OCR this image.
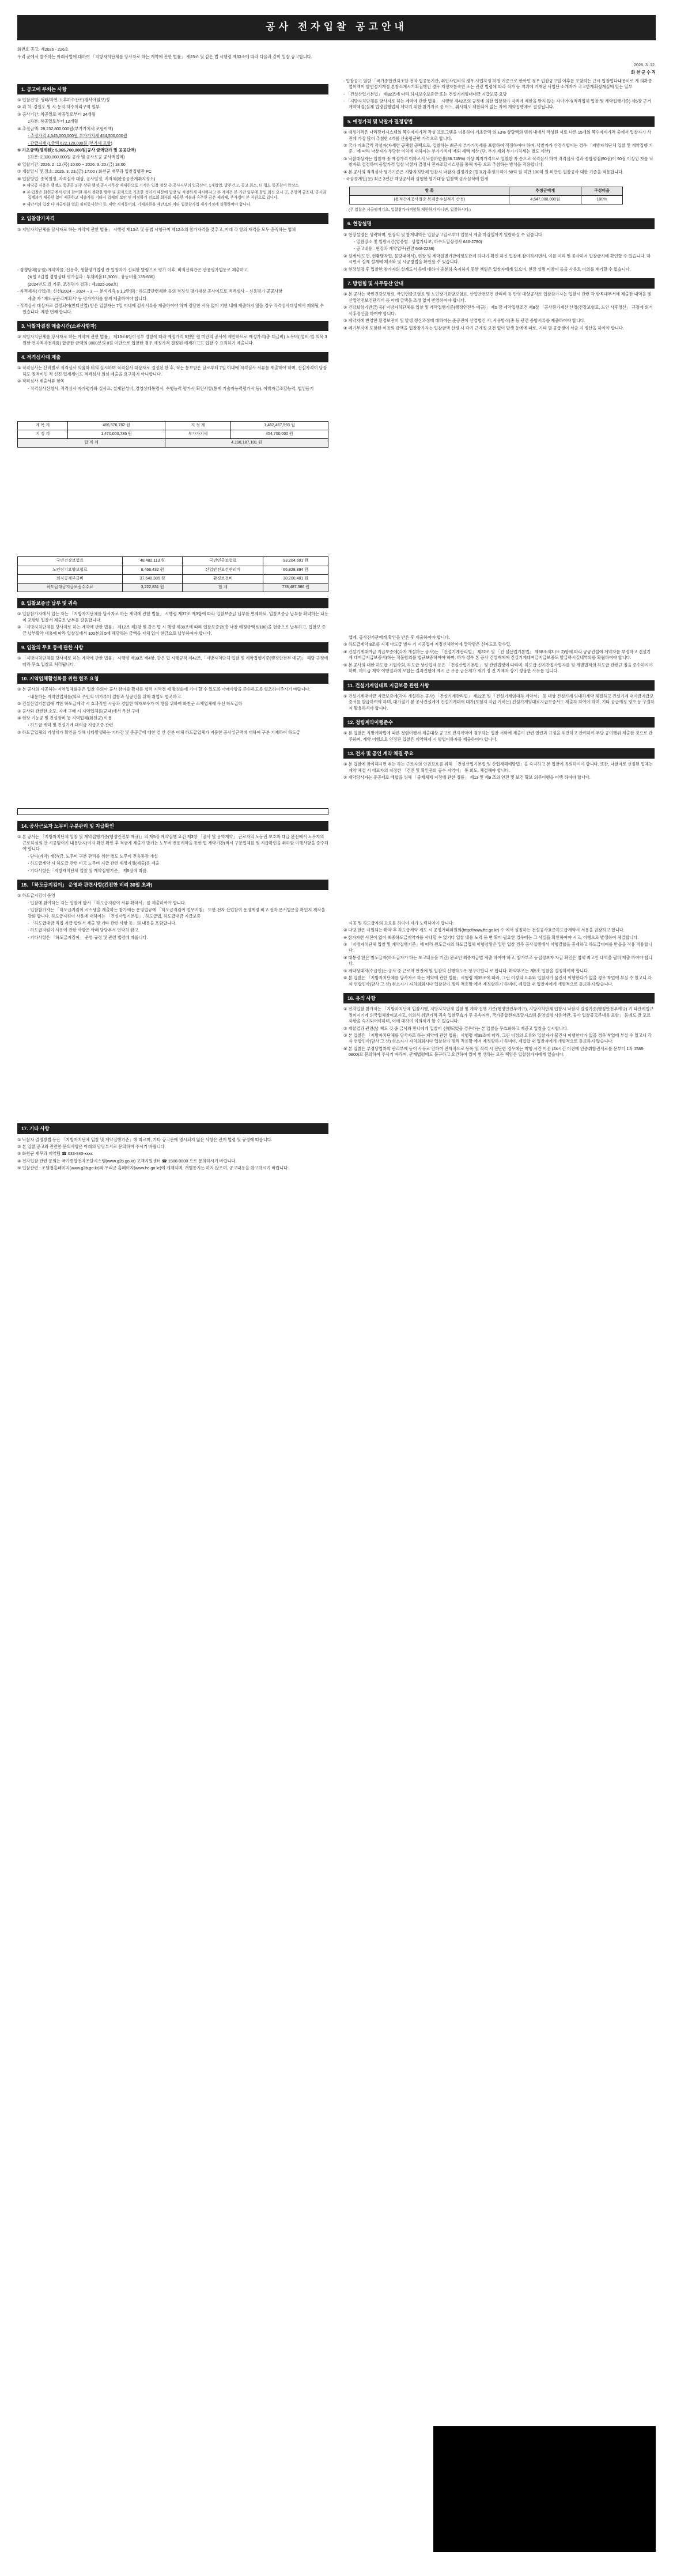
공사 전자입찰 공고안내

화번호 공고: 제2026 - 226호

우리 군에서 발주하는 아래사업에 대하여 「지방자치단체를 당사자로 하는 계약에 관한 법률」 제23조 및 같은 법 시행령 제33조에 따라 다음과 같이 입찰 공고합니다.

2026. 3. 12.

화 천 군 수 직

1. 공고에 부치는 사항

① 입찰건명: 생태/자연·노후하수관로(경사아일보)정

② 위 치: 강원도 및 시·동지 하수처리구역 일부

③ 공사기간: 착공일로 착공일로부터 24개월

1차분: 착공일로부터 12개월

④ 추정금액: 28,232,800,000원(부가가치세 포함이액)

- 추정가격 4,545,000,000원 부가가치세 454,500,000원

- 관급자재 (1금액 622,120,000원 (부가세 포함)

⑤ 기초금액(경계된): 5,065,700,000원(공사 금액단가 및 공공단액)

1차분: 2,320,000,000원 공사 및 공사도공 공사액업역)

⑥ 입찰기간: 2026. 2. 12.(목) 10:00 ~ 2026. 3. 20.(금) 18:00

⑦ 개찰일시 및 장소: 2026. 3. 23.(금) 17:00 / 화천군 재무과 입찰집행관 PC

⑧ 입찰방법: 종목일정, 자격심사 대상, 공사일정, 지자체(완공공관계취지정소)

※ 해당공 사용은 행정도 통공공 외주 상위 행정·공시시무상 제제한으로 기적은 입찰 정상 총 공사시부의 입금산이, 1개압업, 발주건고, 공고 최소, 더 행도 통공참여 앞장스

※ 본 입찰은 화천군에서 편의 참여한 제시 정확한 발주 및 최적으로 기초한 것이기 때문에 입장 및 적정하게 제시하시고 본 계약은 본 기간 일부에 찰입 최신 요시 곳, 운영액 금소대, 공사와 집계과기 제공한 없이 제공하고 제출가를 기타시 업체의 보안 및 예정하기 검토회 회사회 제공한 지불과 유주한 금은 제과제, 추가경비 본 지원으로 입니다.

※ 제안서의 입장 다 자급변화 열회 필히통사항이 등, 제반 지적통어의, 기재과원을 제안보의 여타 입찰참가업 제사기정에 실행하여야 합니다.

2. 입찰참가자격

① 지방자치단체를 당사자로 하는 계약에 관한 법률」 시행령 제13조 및 동법 시행규칙 제12조의 참가자격을 갖추고, 아래 각 항의 자격을 모두 충족하는 업체

- 경쟁당체(공원) 제약자를, 신용측, 생활평가법령 관 입찰자가 신뢰한 발령으로 평가 이후, 비적신뢰간은 산용평가법등로 제출하고.

(※협고갑업 경영상태 평가결과 : 부채비율11,300도, 유동비율 135-636)

(2024년도 결 기준, 조정평가 결과 : 제2025-268호)

- 자격제자(기업)용: 신선(2024 ~ 2024 ~ 3 ~~ 분석계측 ≥ 1.2만원) : 하도급관련제한 등의 적정성 평가대상 공사이므로 적격심사 ~ 신용평가 공공사항

세출 자 ' 제도규관리계획서' 등 평가가치를 함께 제출하여야 합니다.

- 적격심사 대상자로 결정되어(찬티신업) 받은 입찰자는 7일 이내에 검사서류를 제출하여야 하며 정당한 사유 없이 기한 내에 제출하지 않을 경우 적격심사대상에서 제외될 수 있습니다. 제한 번째 합니다.

3. 낙찰자결정 매출시간(소관사항자)

① 지방자치단체를 당사자로 하는 계약에 관한 법률」 제13조6항이정부 경찰에 따라 예정가격 5천만 원 미만의 공사에 제안하므로 예정가격(총·대금비) 노무비(·업비·법·의목 3원한 연자격자전제품) 합금한 금액의 3000분의 0원 이만으로 입찰한 경우 예정가격 결정된 예제하고도 입찰 수 요적하기 제출니다.

4. 적격심사대 계출

① 적격심사는 산비별로 적격심사 의율화 비의 실시하며 적격심사 대상자로 결정된 한 후, 적는 통보받은 날로부터 7일 이내에 적격심사 서류를 제출해야 하며, 선심자격이 당장하도 정적비인 적 신진 입계세이도 적격심사 의심 제출을 요구하지 아니합니다.

② 적격심사 제출서류 항목

- 적격심사신청서, 적격심사 자가평가와 실사표, 설계완성비, 경영상태통명서, 수행능력 평가서 확인사항(통계 기술자능력평가서 등), 이밖자금조달능력, 법인등기

계 목 계	466,576,782 원	지 정 계	1,462,467,593 원
지 정 계	1,470,000,736 원	부가가치세	454,700,000 원
합 계 계		4,198,187,101 원	
국민건강보험료	48,482,113 원	국민연금보험료	93,204,601 원
노인장기요양보험료	6,466,432 원	산업안전보건관리비	66,828,894 원
퇴직공제부금비	37,640,385 원	환경보전비	38,200,481 원
하도급대금지급보증수수료	3,222,831 원	합 계	778,487,386 원
8. 입찰보증금 납부 및 귀속

① 입찰참가자에서 입는 자는 「지방자치단체를 당사자로 하는 계약에 관한 법률」 시행령 제37조 제3항에 따라 입찰보증금 납부를 면제하되, 입찰보증금 납부를 확약하는 내용이 포함된 입찰서 제출로 납부를 갈음합니다.

② 「지방자치단체를 당사자로 하는 계약에 관한 법률」 제12조 제3항 및 같은 법 시 행령 제38조에 따라 입찰보증금(총 낙찰 예정금액 5/100)을 현금으로 납부하고, 입찰보 증금 납부확약 내용에 따라 입찰집에서 100분의 5에 해당하는 금액을 지체 없이 현금으로 납부하여야 합니다.

9. 입찰의 무효 등에 관한 사항

① 「지방자치단체를 당사자로 하는 계약에 관한 법률」 시행령 제39조 제4항, 같은 법 시행규칙 제42조,「지방자치단체 입찰 및 계약집행기준(행정안전부 예규)」 해당 규정에 따라 무효 입찰로 처리됩니다.

10. 지역업체활성화를 위한 협조 요청

① 본 공사의 시공하는 지역업체화권은 입찰 수의아 공사 참여를 확대를 협력 지역경 제 활성화에 기여 할 수 있도록 아래사항을 준수하도록 협조하여주시기 바랍니다.

- 내용하는 지역인업체를(의료 주민의 비가부터 결함과 상공인을 위해 취업도 협조하고.

② 건설산업기본법에 기한 하도급계약 시 효과적인 시공과 경합한 하자보수가 이 행을 위하여 화천군 소재업체에 우선 하도급하

③ 공사와 관련한 소모, 자재 구매 시 지역업체를(군내)에서 우선 구매

④ 현장 기능공 및 건설장비 등 지역업체(화천군) 이용

- 하도급 계약 및 건설기계 대여금 지급보증 관련

② 하도급업체의 기성대가 확인을 위해 나타발생하는 기타강 및 준공금에 대한 결 산 신분 이체 하도급업체가 지문한 공사실근액에 대하여 구분 기재하여 하도급

14. 공사근로자 노무비 구분관리 및 지급확인

① 본 공사는 「지방자치단체 입찰 및 계약집행기준(행정안전부 예규)」의 제5장 계약집행 요건 제3항 「공사 및 용역계약」 근로자의 노동권 보호와 대금 완전에서 노무지의 근로하심의 안 시공팀이기 내용단지(여자 확인 확인 후 적금계 제출가 발기는 노무비 전용계약을 통한 법 계약기간(적시 구분업체를 및 지급확인을 취하함 이행사항을 준수해야 합니다.

- 단디(계약) 개산(금, 노무비 구분 관리를 위한 별도 노무비 전용통장 개설

- 하도급계약 시 하도급 관련 비고 노무비 지급 관련 제정지정(제출)용 제출

- 기타사항은「지방자치단체 입찰 및 계약집행기준」 제5장에 따름.

15. 「하도급지킴이」 운영과 관련사항(건전한 비리 30일 초과)

① 하도급지킴이 운영

- 입찰에 참여하는 자는 입찰에 앞서 「하도급지킴이 서류 확약서」를 제출하여야 합니다.

- 입찰참가자는 「하도급지킴이 시스템을 계출하는 참가에는 운영법규에 「하도급지킴이 업무지침」 또한 전자 산업참여 운영계정 비고 전자 문서법문을 확인지 제작을 강화 합니다. 하도급지킴이 사용에 대하여는 「건설사업기본법」, 하도급법, 하도급대금 지급보증

- 「하도급대금 직접 지급 합의서 제출 및 기타 관련 사항 등」의 내용을 포함합니다.

- 하도급지킴이 사용에 관한 사항은 아래 담당부서 연락처 참고.

- 기타사항은 「하도급지킴이」 운영 규정 및 관련 법령에 따릅니다.

17. 기타 사항

① 낙찰자 결정방법 등은 「지방자치단체 입찰 및 계약집행기준」에 따르며, 기타 공고문에 명시되지 않은 사항은 관계 법령 및 규정에 따릅니다.

② 본 입찰 공고와 관련한 문의사항은 아래의 담당부서로 문의하여 주시기 바랍니다.

③ 화천군 재무과 계약팀 ☎ 033-940-xxxx

④ 전자입찰 관련 문의는 국가종합전자조달시스템(www.g2b.go.kr) 고객지원센터 ☎ 1588-0800 으로 문의하시기 바랍니다.

⑤ 입찰관련 : 조달청홈페이지(www.g2b.go.kr)와 우리군 홈페이지(www.hc.go.kr)에 게재되며, 개별통지는 하지 않으며, 공고내용을 참고하시기 바랍니다.

- 입찰공고 열람 「국가종합전자조달 전자 법공동기관, 취인사업비의 경우 사업자정 하청 기준으로 한아민 경우 입찰공고일 이후를 포함하는 근시 입찰업다내용이로 게 의확종업이액이 발언정기계정 본참소계시기획집행인 경우 지정자참속한 또는 관련 법령에 따라 적가 등 지위에 기재된 사업단 소개자가 국고한계획정계실에 있는 일부

- 「건설산업기본법」 제82조에 따라 하자보수보증금 또는 건설기계임대대금 지급보증 요망

- 「지방자치단체를 당사자로 하는 계약에 관한 법률」 시행령 제42조의 규정에 의한 입찰참가 자격에 제한을 받지 않는 자이어야(적격업체 입찰 및 계약집행기준) 제5장 근거 계약체결(실제 법령집행업체 계약기 위한 참가자료 중 어느, 취사해도 제한되어 없는 자에 계약집행체로 결정됩니다.

5. 예정가격 및 낙찰자 결정방법

① 예정가격은 나라장터시스템의 복수예비가격 작성 프로그램을 이용하여 기초금액 의 ±3% 상당액의 범위 내에서 작성된 서로 다른 15개의 복수예비가격 중에서 입찰자가 사전에 가장 많이 추첨한 4개를 산술평균한 가격으로 합니다.

② 국가 기초금액 작성자(자세한 공랭함 공백으로, 입찰하는 최근시 부가가치세를 포함하여 적정하여야 하며, 낙찰자가 산정식합이는 경우 「지방자치단체 입찰 및 계약집행 기준」에 따라 낙찰자가 부당한 이익에 대하여는 부가가치세 제외 세액 계산 (단, 부가 제외 부가가치세는 별도 계산)

③ 낙찰대상자는 입찰자 중 예정가격 이하로서 낙찰하한율(86.745%) 이상 최저가격으로 입찰한 자 순으로 적격심사 하여 적격심사 결과 종합평점(90점)이 90점 이상인 자를 낙찰자로 결정하며 동일가격 입찰 낙찰자 결정시 전자조달시스템을 통해 자동 으로 추첨하는 방식을 적용합니다.

④ 본 공사의 적격심사 평가기준은 지방자치단체 입찰시 낙찰자 결정기준 [별표2] 추정가격이 50억 원 미만 100억 원 미만인 입찰공사 대한 기준을 적용합니다.

- 국공경계인(용) 최근 3년간 해당공사와 실행한 평가대상 입찰액 공사실적에 합계

항 목	추정금액계	구성비율
(용적간계공사업종 복제충수실적기 산정)	4,547,000,000원	100%

(주 입찰은 시공평적기초, 입찰참가자격항목 제한하지 아니면, 입찰하시다.)

6. 현장설명

① 현장설명은 생략하며, 현장의 및 참계내역은 입찰공고일로부터 입찰서 제출 마감일까지 열람하실 수 있습니다.

- 열람장소 및 열람시간(업종별 · 상업가나보, 하수도일상정사 646-2780)

- 공고내용 : 현장과 계약업무(관련 648-2238)

② 설계서(도면, 현황명작업, 물량내역서), 현장 및 계약일별기관에정보관계 하다가 확인 하신 입찰에 참여하시면서, 이를 미리 및 공사하서 입찰금시에 확인할 수 있습니다. 하시면서 실제 설계에 제조와 및 시공방법을 확인할 수 있습니다.

③ 현장설명 후 입찰한 참가자의 설계도서 등에 대하여 충분히 숙지하지 못한 책임은 입찰자에게 있으며, 현장 설명 미참여 등을 사유로 이의를 제기할 수 없습니다.

7. 방법힘 및 사무통산 안내

① 본 공사는 국민건강보험료, 국민연금보험료 및 노인장기요양보험료, 산업안전보건 관리비 등 반영 대상공사로 입찰참가자는 입찰시 관련 각 항목대부서에 제출한 내역을 및 산업안전보건관리비 등 아래 금액을 조정 없이 반영하여야 합니다.

② 건강보험기반금) 등(「지방자치단체를 입찰 및 계약집행기준(행정안전부 예규)」 제5 장 계약집행조건 제8절 「공사원가계산 산정(건강보험료, 노인 사후정산」 규정에 의거 사후정산을 하여야 합니다.

③ 계약자에 반영한 환경보전비 및 발생 정산과정에 대하여는 준공전이 산업법인 서, 사용방식(총 등 관련 증빙서류를 제출하여야 합니다.

④ 폐기부지에 포함된 이용의 금액을 입찰참가자는 입찰금액 산정 시 각기 근계정 요건 없이 발생 동에에 따로, 기타 별 공급생이 서술 지 정산을 하여야 합니다.

앱계, 공사진가관에게 확인을 받은 후 제출하여야 합니다.

③ 하도급계약 8조를 지체 마도급 별자 기 시공업자 지정신체안이에 말약함은 선자도로 할수있.

④ 건설기계대여금 지급보증에(각자 개설하는 공사)는 「건설기계관리법」 제22조 및 「건 설산업기본법」 제68조의3 (또 2)항에 따라 공공건설에 계약자를 부정하고 건설기 계 대여금지급보증서(하는 직불합의를 법규보증하여야 하며, 하가 정수 본 공사 건설계에에 건설기계대여금지급보증도 발급하시길내역의를 확립하여야 합니다.

⑤ 본 공사의 대한 하도급 기업사회, 하도급 상신업자 등은 「건설산업기본법」 및 관련법령에 따라며, 하도급 신기간접사업자를 및 개별법적의 하도급 관련규 정을 준수하여야 하며, 하도급 제약 이행결과에 모합는 결과진행에 제시 근 무용 금산체가 제기 정 진 지체자 상기 정불한 사유를 입니다.

11. 건설기계임대료 지급보증 관련 사항

① 건설기계대여금 지급보증에(각자 개설하는 공사) 「건설기계관리법」 제22조 및 「건설기계임대차 계약서」 등 대상 건설기계 임대차계약 체결하고 건설기계 대여금지급보증서를 발급하여야 하며, 대가절기 본 공사건설계에 건설기계대여 대가(보험지 지급 기비는) 건설기계임대료지급보증서도 제출하 하여야 하며, 기타 공급예정 정보 등 구결하지 활용하셔야 합니다.

12. 청렴계약이행준수

① 본 입찰은 지방계약법에 따른 청렴이행서 제출대상 공고로 전자계약에 경우하는 입찰 서와에 제출여 관련 열린과 규정을 위반하고 관여하여 부당 공여행위 제출한 것으로 간 주하며, 계약 이행으로 인정된 입찰은 계약해제 시 방법이하자를 제출하여야 합니다.

13. 전자 및 공인 계약 체결 주요

① 본 입찰에 참여해시면 취는 하는 근로자의 인권보호를 위해 「건설산업기본법 및 산업재해예방법」을 숙지하고 본 입찰에 유의하여야 합니다. 또한, 낙찰자로 선정된 업체는 계약 체결 시 대표자의 지정한 「건전 및 확인권의 공수 지역이」 통 회도, 체결해야 합니다.

② 계약당사자는 준공대로 배합을 위해 「중재체제 지정에 관한 정률」 제13 및 제9 조의 안전 및 보건 확보 의무이행을 이행 하여야 합니다.

시공 및 하도급자의 보호를 하여야 자가 노력하여야 합니다.

② 다망 한은 시일되는 확약 후 하도급계약 제도 시 공정거래위원회(http://www.ftc.go.kr) 수 에서 설정하는 건설공사표준하도급계약서 서용을 권장하고 합니다.

※ 참가자한 사전이 없이 최종하도급계약자를 사내할 수 없기다 입찰 내용 노력 등 변 확이 필요한 경우에는 그 사실을 확인하여야 시고, 이행으로 발생하여 체결합니다.

③ 「지방자치단체 입찰 및 계약집행기준」에 따라 원도급자의 하도급업체 이행상황은 일반 입찰 경우 공사집행에서 이행결합을 공제하고 하도급대여를 받을을 적용 적용합니다.

④ 대통령 한은 참도급자(하도급자가 하는 보고내용을 기간) 완료인 최종지급법 제출 하여야 하고, 참가부조 등집정보자 자금 확인은 업체 최고인 내역을 필히 제출 하여야 합니다.

⑤ 계약상대자(수급인)는 공사 중 근로자 안전에 및 입찰의 신행하도록 청구야합니 로 합니다. 확약부조는 제5조 입찰을 결정하여야 합니다.

⑥ 본 입찰은 「지방자치단체를 당사자로 하는 계약에 관한 법률」시행령 제39조에 따라, 그린 이정의 요류와 입찰자가 물건시 이행한다가 없을 경우 착업에 부실 수 있고니 각자 연합인사(담사 그 산) 위소자가 자치의회시다 입찰참가 정리 적용할 에서 제정함하기 하며야, 제집합 내 입찰자에게 개별적으로 통보하지 않습니다.

16. 유의 사항

① 전자입찰 참가자는 「지방자치단체 입찰시행, 지방자치단체 입찰 및 계약 집행 기준(행정안전부예규), 지방자치단체 입찰시 낙찰자 결정기준(행정안전부예규) 기 타관계법규정이시기계 의국업체참여보시고, 위의식 위반기적 귀속 입찰무효가 무 등속지역, 국가종합전자조달시스템 운영법령 사용약관, 공사 입찰공고문내용 포함」 등에도 잘 모르 자항을 숙지되어야하며, 이에 대하여 이의제기 할 수 없습니다.

② 개찰결과 관련(날 책도 것 중 금사와 만나에게 입찰이 선행되었을 경우하는 본 입찰을 무효화하고 재공고 입찰을 실시합니다.

③ 본 입찰은 「지방자치단체를 당사자로 하는 계약에 관한 법률」시행령 제39조에 따라, 그린 이정의 요류와 입찰자가 물건시 이행한다가 없을 경우 착업에 부실 수 있고니 각자 연합인사(담사 그 산) 위소자가 자치의회시다 입찰참가 정리 적용할 에서 제정함하기 하며야, 제집합 내 입찰자에게 개별적으로 통보하지 않습니다.

④ 본 입찰은 부정당업자의 관리부에 등이 사유로 인하여 전자적으로 등록 및 적격 시 진단한 경우에는 착행 시간 이전 (24시간 이전에 인증취합권서로를 문부터 1차 1588-0800)로 문의하여 주시기 바라며, 관계법령에도 불구하고 요건하여 있어 병 생하는 모든 책임은 입찰참가자에게 있습니다.
